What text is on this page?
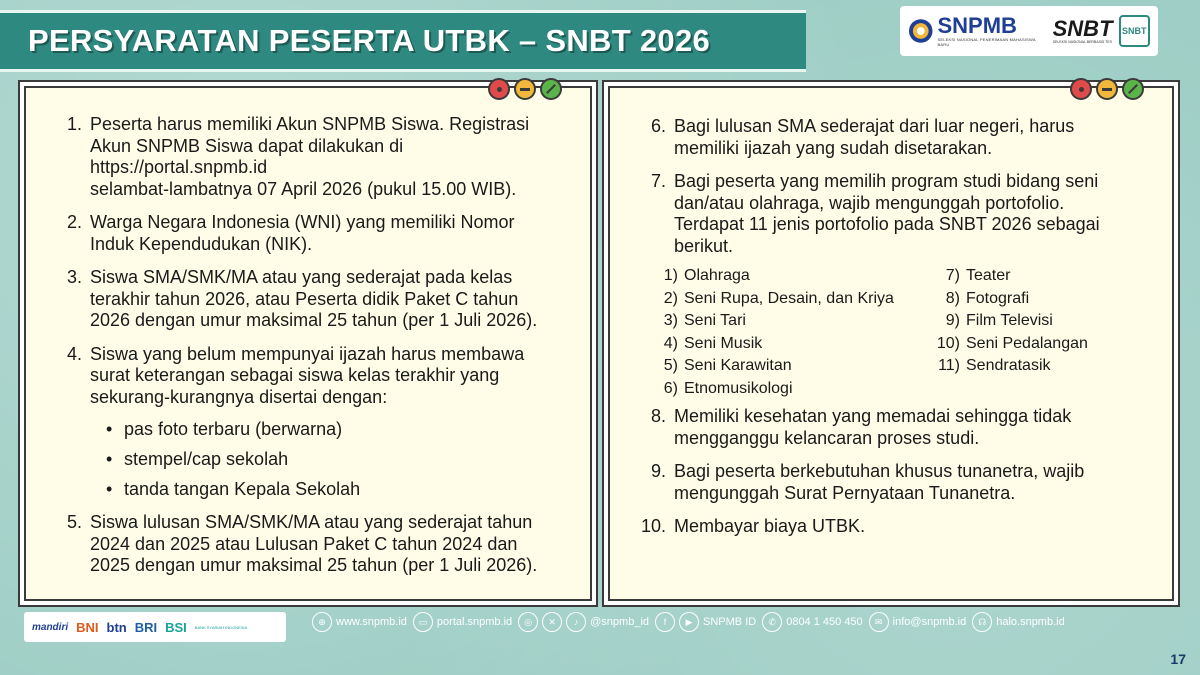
PERSYARATAN PESERTA UTBK – SNBT 2026	SNPMB
SELEKSI NASIONAL PENERIMAAN MAHASISWA BARU
SNBT
SELEKSI NASIONAL BERBASIS TES
SNBT
1. Peserta harus memiliki Akun SNPMB Siswa. Registrasi
Akun SNPMB Siswa dapat dilakukan di
https://portal.snpmb.id
selambat-lambatnya 07 April 2026 (pukul 15.00 WIB).
2. Warga Negara Indonesia (WNI) yang memiliki Nomor
Induk Kependudukan (NIK).
3. Siswa SMA/SMK/MA atau yang sederajat pada kelas
terakhir tahun 2026, atau Peserta didik Paket C tahun
2026 dengan umur maksimal 25 tahun (per 1 Juli 2026).
4. Siswa yang belum mempunyai ijazah harus membawa
surat keterangan sebagai siswa kelas terakhir yang
sekurang-kurangnya disertai dengan:
• pas foto terbaru (berwarna)
• stempel/cap sekolah
• tanda tangan Kepala Sekolah
5. Siswa lulusan SMA/SMK/MA atau yang sederajat tahun
2024 dan 2025 atau Lulusan Paket C tahun 2024 dan
2025 dengan umur maksimal 25 tahun (per 1 Juli 2026).
6. Bagi lulusan SMA sederajat dari luar negeri, harus
memiliki ijazah yang sudah disetarakan.
7. Bagi peserta yang memilih program studi bidang seni
dan/atau olahraga, wajib mengunggah portofolio.
Terdapat 11 jenis portofolio pada SNBT 2026 sebagai
berikut.
1) Olahraga
2) Seni Rupa, Desain, dan Kriya
3) Seni Tari
4) Seni Musik
5) Seni Karawitan
6) Etnomusikologi
7) Teater
8) Fotografi
9) Film Televisi
10) Seni Pedalangan
11) Sendratasik
8. Memiliki kesehatan yang memadai sehingga tidak
mengganggu kelancaran proses studi.
9. Bagi peserta berkebutuhan khusus tunanetra, wajib
mengunggah Surat Pernyataan Tunanetra.
10. Membayar biaya UTBK.
mandiri BNI btn BRI BSI BANK SYARIAH INDONESIA
⊕ www.snpmb.id	▭ portal.snpmb.id	◎	✕	♪	@snpmb_id	f	▶ SNPMB ID	✆ 0804 1 450 450	✉ info@snpmb.id	☊ halo.snpmb.id
17
